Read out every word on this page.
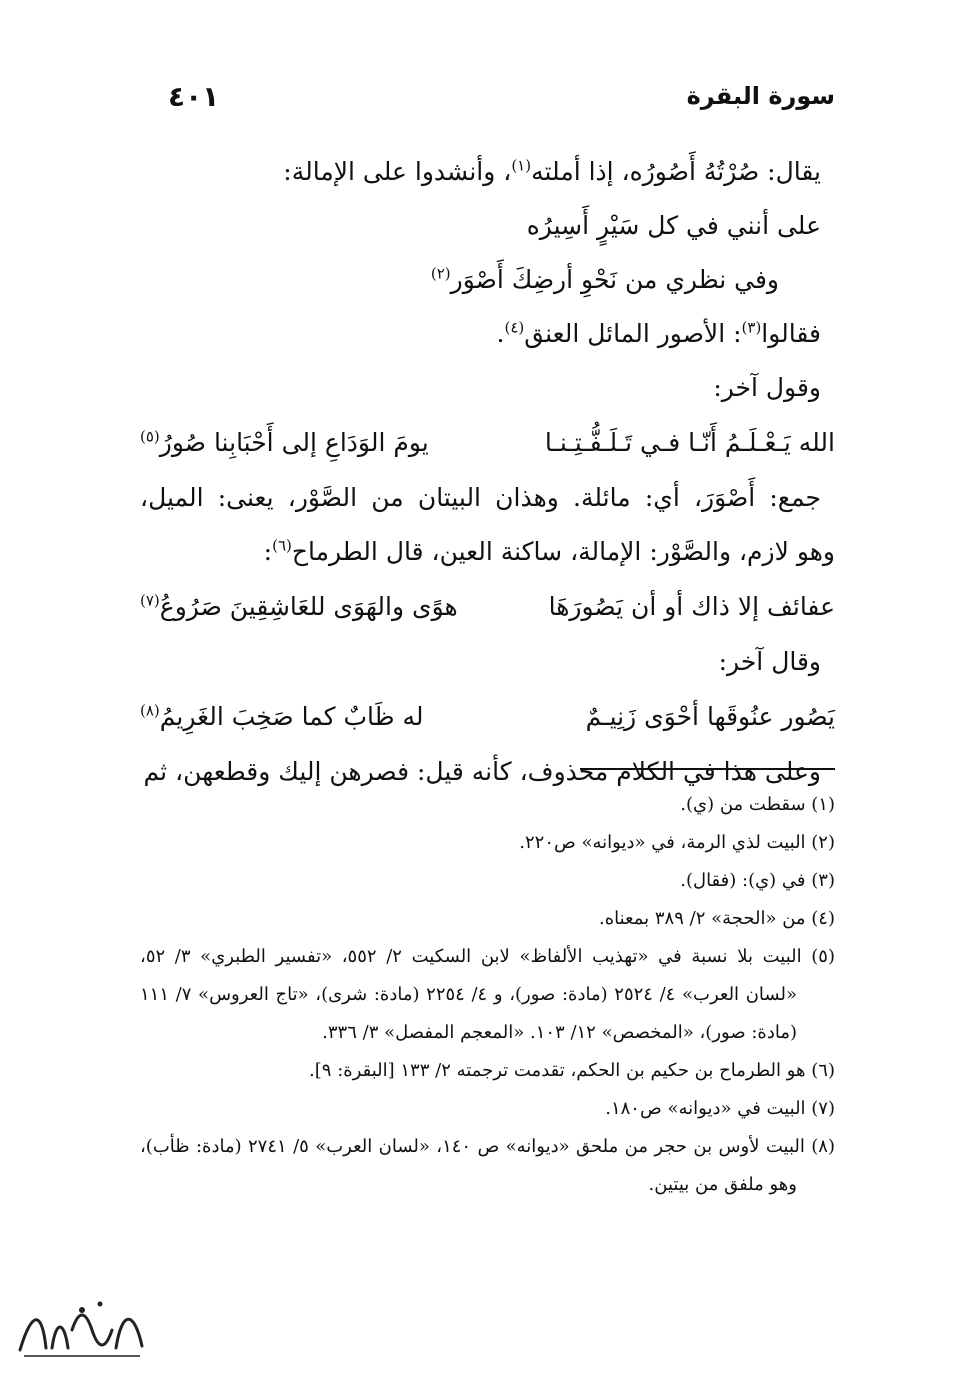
سورة البقرة
٤٠١
يقال: صُرْتُهُ أَصُورُه، إذا أملته$^{(١)}$، وأنشدوا على الإمالة:
على أنني في كل سَيْرٍ أَسِيرُه
وفي نظري من نَحْوِ أرضِكَ أَصْوَر$^{(٢)}$
فقالوا$^{(٣)}$: الأصور المائل العنق$^{(٤)}$.
وقول آخر:
الله يَـعْـلَـمُ أَنّـا فـي تَـلَـفُّـتِـنـا
يومَ الوَدَاعِ إلى أَحْبَابِنا صُورُ$^{(٥)}$
جمع: أَصْوَرَ، أي: مائلة. وهذان البيتان من الصَّوْر، يعنى: الميل،
وهو لازم، والصَّوْر: الإمالة، ساكنة العين، قال الطرماح$^{(٦)}$:
عفائف إلا ذاك أو أن يَصُورَهَا
هوًى والهَوَى للعَاشِقِينَ صَرُوعُ$^{(٧)}$
وقال آخر:
يَصُور عنُوقَها أحْوَى زَنِيـمٌ
له ظَابٌ كما صَخِبَ الغَرِيمُ$^{(٨)}$
وعلى هذا في الكلام محذوف، كأنه قيل: فصرهن إليك وقطعهن، ثم
(١) سقطت من (ي).
(٢) البيت لذي الرمة، في «ديوانه» ص٢٢٠.
(٣) في (ي): (فقال).
(٤) من «الحجة» ٢/ ٣٨٩ بمعناه.
(٥) البيت بلا نسبة في «تهذيب الألفاظ» لابن السكيت ٢/ ٥٥٢، «تفسير الطبري» ٣/ ٥٢، «لسان العرب» ٤/ ٢٥٢٤ (مادة: صور)، و ٤/ ٢٢٥٤ (مادة: شرى)، «تاج العروس» ٧/ ١١١ (مادة: صور)، «المخصص» ١٢/ ١٠٣. «المعجم المفصل» ٣/ ٣٣٦.
(٦) هو الطرماح بن حكيم بن الحكم، تقدمت ترجمته ٢/ ١٣٣ [البقرة: ٩].
(٧) البيت في «ديوانه» ص١٨٠.
(٨) البيت لأوس بن حجر من ملحق «ديوانه» ص ١٤٠، «لسان العرب» ٥/ ٢٧٤١ (مادة: ظأب)، وهو ملفق من بيتين.
